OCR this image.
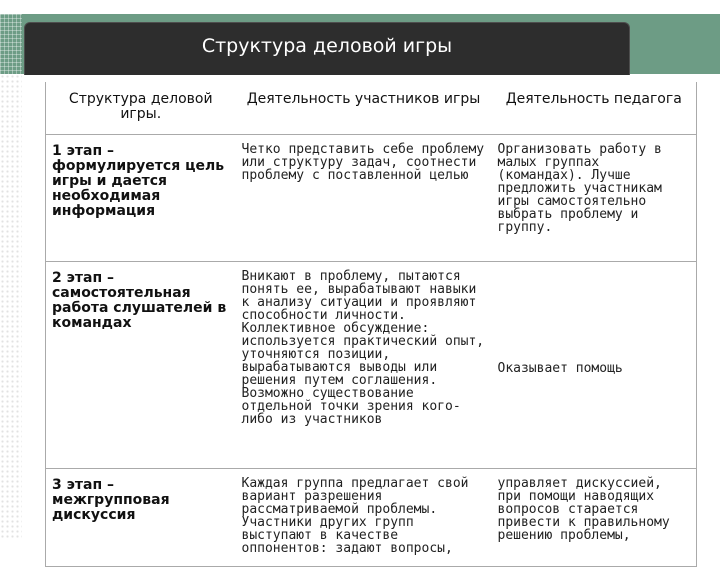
Структура деловой игры
Структура деловой игры.	Деятельность участников игры	Деятельность педагога
1 этап – формулируется цель игры и дается необходимая информация	Четко представить себе проблему или структуру задач, соотнести проблему с поставленной целью	Организовать работу в малых группах (командах). Лучше предложить участникам игры самостоятельно выбрать проблему и группу.
2 этап – самостоятельная работа слушателей в командах	Вникают в проблему, пытаются понять ее, вырабатывают навыки к анализу ситуации и проявляют способности личности. Коллективное обсуждение: используется практический опыт, уточняются позиции, вырабатываются выводы или решения путем соглашения. Возможно существование отдельной точки зрения кого-либо из участников	Оказывает помощь
3 этап – межгрупповая дискуссия	Каждая группа предлагает свой вариант разрешения рассматриваемой проблемы. Участники других групп выступают в качестве оппонентов: задают вопросы,	управляет дискуссией, при помощи наводящих вопросов старается привести к правильному решению проблемы,
